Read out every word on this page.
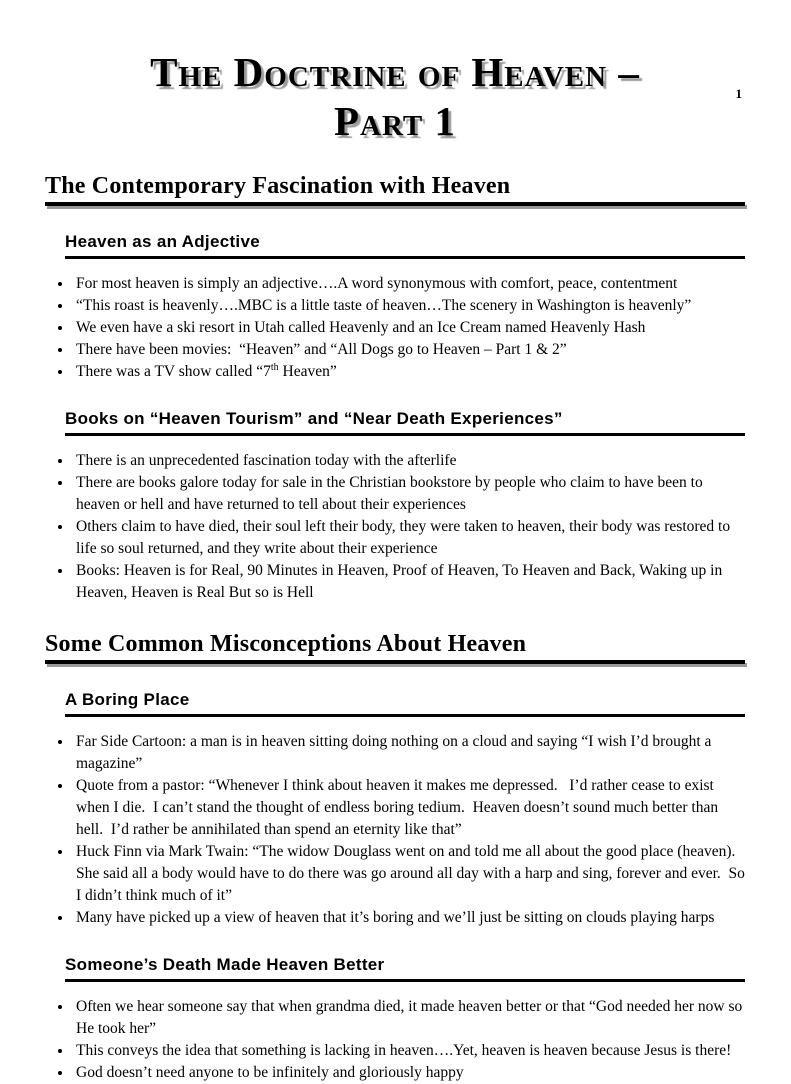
1
The Doctrine of Heaven –
Part 1
The Contemporary Fascination with Heaven
Heaven as an Adjective
• For most heaven is simply an adjective….A word synonymous with comfort, peace, contentment
• “This roast is heavenly….MBC is a little taste of heaven…The scenery in Washington is heavenly”
• We even have a ski resort in Utah called Heavenly and an Ice Cream named Heavenly Hash
• There have been movies:  “Heaven” and “All Dogs go to Heaven – Part 1 & 2”
• There was a TV show called “7th Heaven”
Books on “Heaven Tourism” and “Near Death Experiences”
• There is an unprecedented fascination today with the afterlife
• There are books galore today for sale in the Christian bookstore by people who claim to have been to heaven or hell and have returned to tell about their experiences
• Others claim to have died, their soul left their body, they were taken to heaven, their body was restored to life so soul returned, and they write about their experience
• Books: Heaven is for Real, 90 Minutes in Heaven, Proof of Heaven, To Heaven and Back, Waking up in Heaven, Heaven is Real But so is Hell
Some Common Misconceptions About Heaven
A Boring Place
• Far Side Cartoon: a man is in heaven sitting doing nothing on a cloud and saying “I wish I’d brought a magazine”
• Quote from a pastor: “Whenever I think about heaven it makes me depressed.   I’d rather cease to exist when I die.  I can’t stand the thought of endless boring tedium.  Heaven doesn’t sound much better than hell.  I’d rather be annihilated than spend an eternity like that”
• Huck Finn via Mark Twain: “The widow Douglass went on and told me all about the good place (heaven).  She said all a body would have to do there was go around all day with a harp and sing, forever and ever.  So I didn’t think much of it”
• Many have picked up a view of heaven that it’s boring and we’ll just be sitting on clouds playing harps
Someone’s Death Made Heaven Better
• Often we hear someone say that when grandma died, it made heaven better or that “God needed her now so He took her”
• This conveys the idea that something is lacking in heaven….Yet, heaven is heaven because Jesus is there!
• God doesn’t need anyone to be infinitely and gloriously happy
